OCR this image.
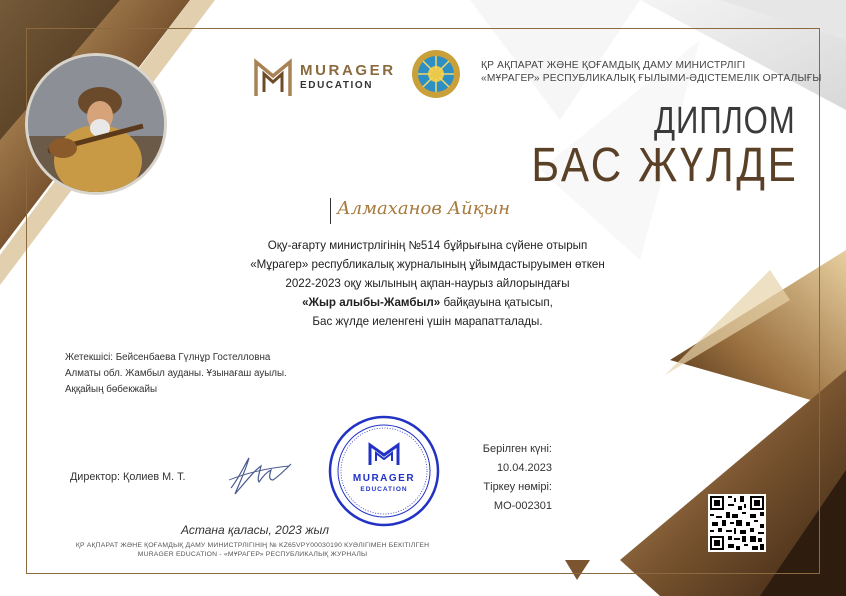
MURAGER
EDUCATION
ҚР АҚПАРАТ ЖӘНЕ ҚОҒАМДЫҚ ДАМУ МИНИСТРЛІГІ
«МҰРАГЕР» РЕСПУБЛИКАЛЫҚ ҒЫЛЫМИ-ӘДІСТЕМЕЛІК ОРТАЛЫҒЫ
ДИПЛОМ
БАС ЖҮЛДЕ
Алмаханов Айқын
Оқу-ағарту министрлігінің №514 бұйрығына сүйене отырып
«Мұрагер» республикалық журналының ұйымдастыруымен өткен
2022-2023 оқу жылының ақпан-наурыз айлорындағы
«Жыр алыбы-Жамбыл» байқауына қатысып,
Бас жүлде иеленгені үшін марапатталады.
Жетекшісі: Бейсенбаева Гүлнұр Гостелловна
Алматы обл. Жамбыл ауданы. Ұзынағаш ауылы.
Аққайың бөбекжайы
Директор: Қолиев М. Т.	MURAGER
EDUCATION
Берілген күні:
10.04.2023
Тіркеу нөмірі:
МО-002301
Астана қаласы, 2023 жыл
ҚР АҚПАРАТ ЖӘНЕ ҚОҒАМДЫҚ ДАМУ МИНИСТРЛІГІНІҢ № KZ65VPY00030190 КУӘЛІГІМЕН БЕКІТІЛГЕН
MURAGER EDUCATION - «МҰРАГЕР» РЕСПУБЛИКАЛЫҚ ЖУРНАЛЫ
